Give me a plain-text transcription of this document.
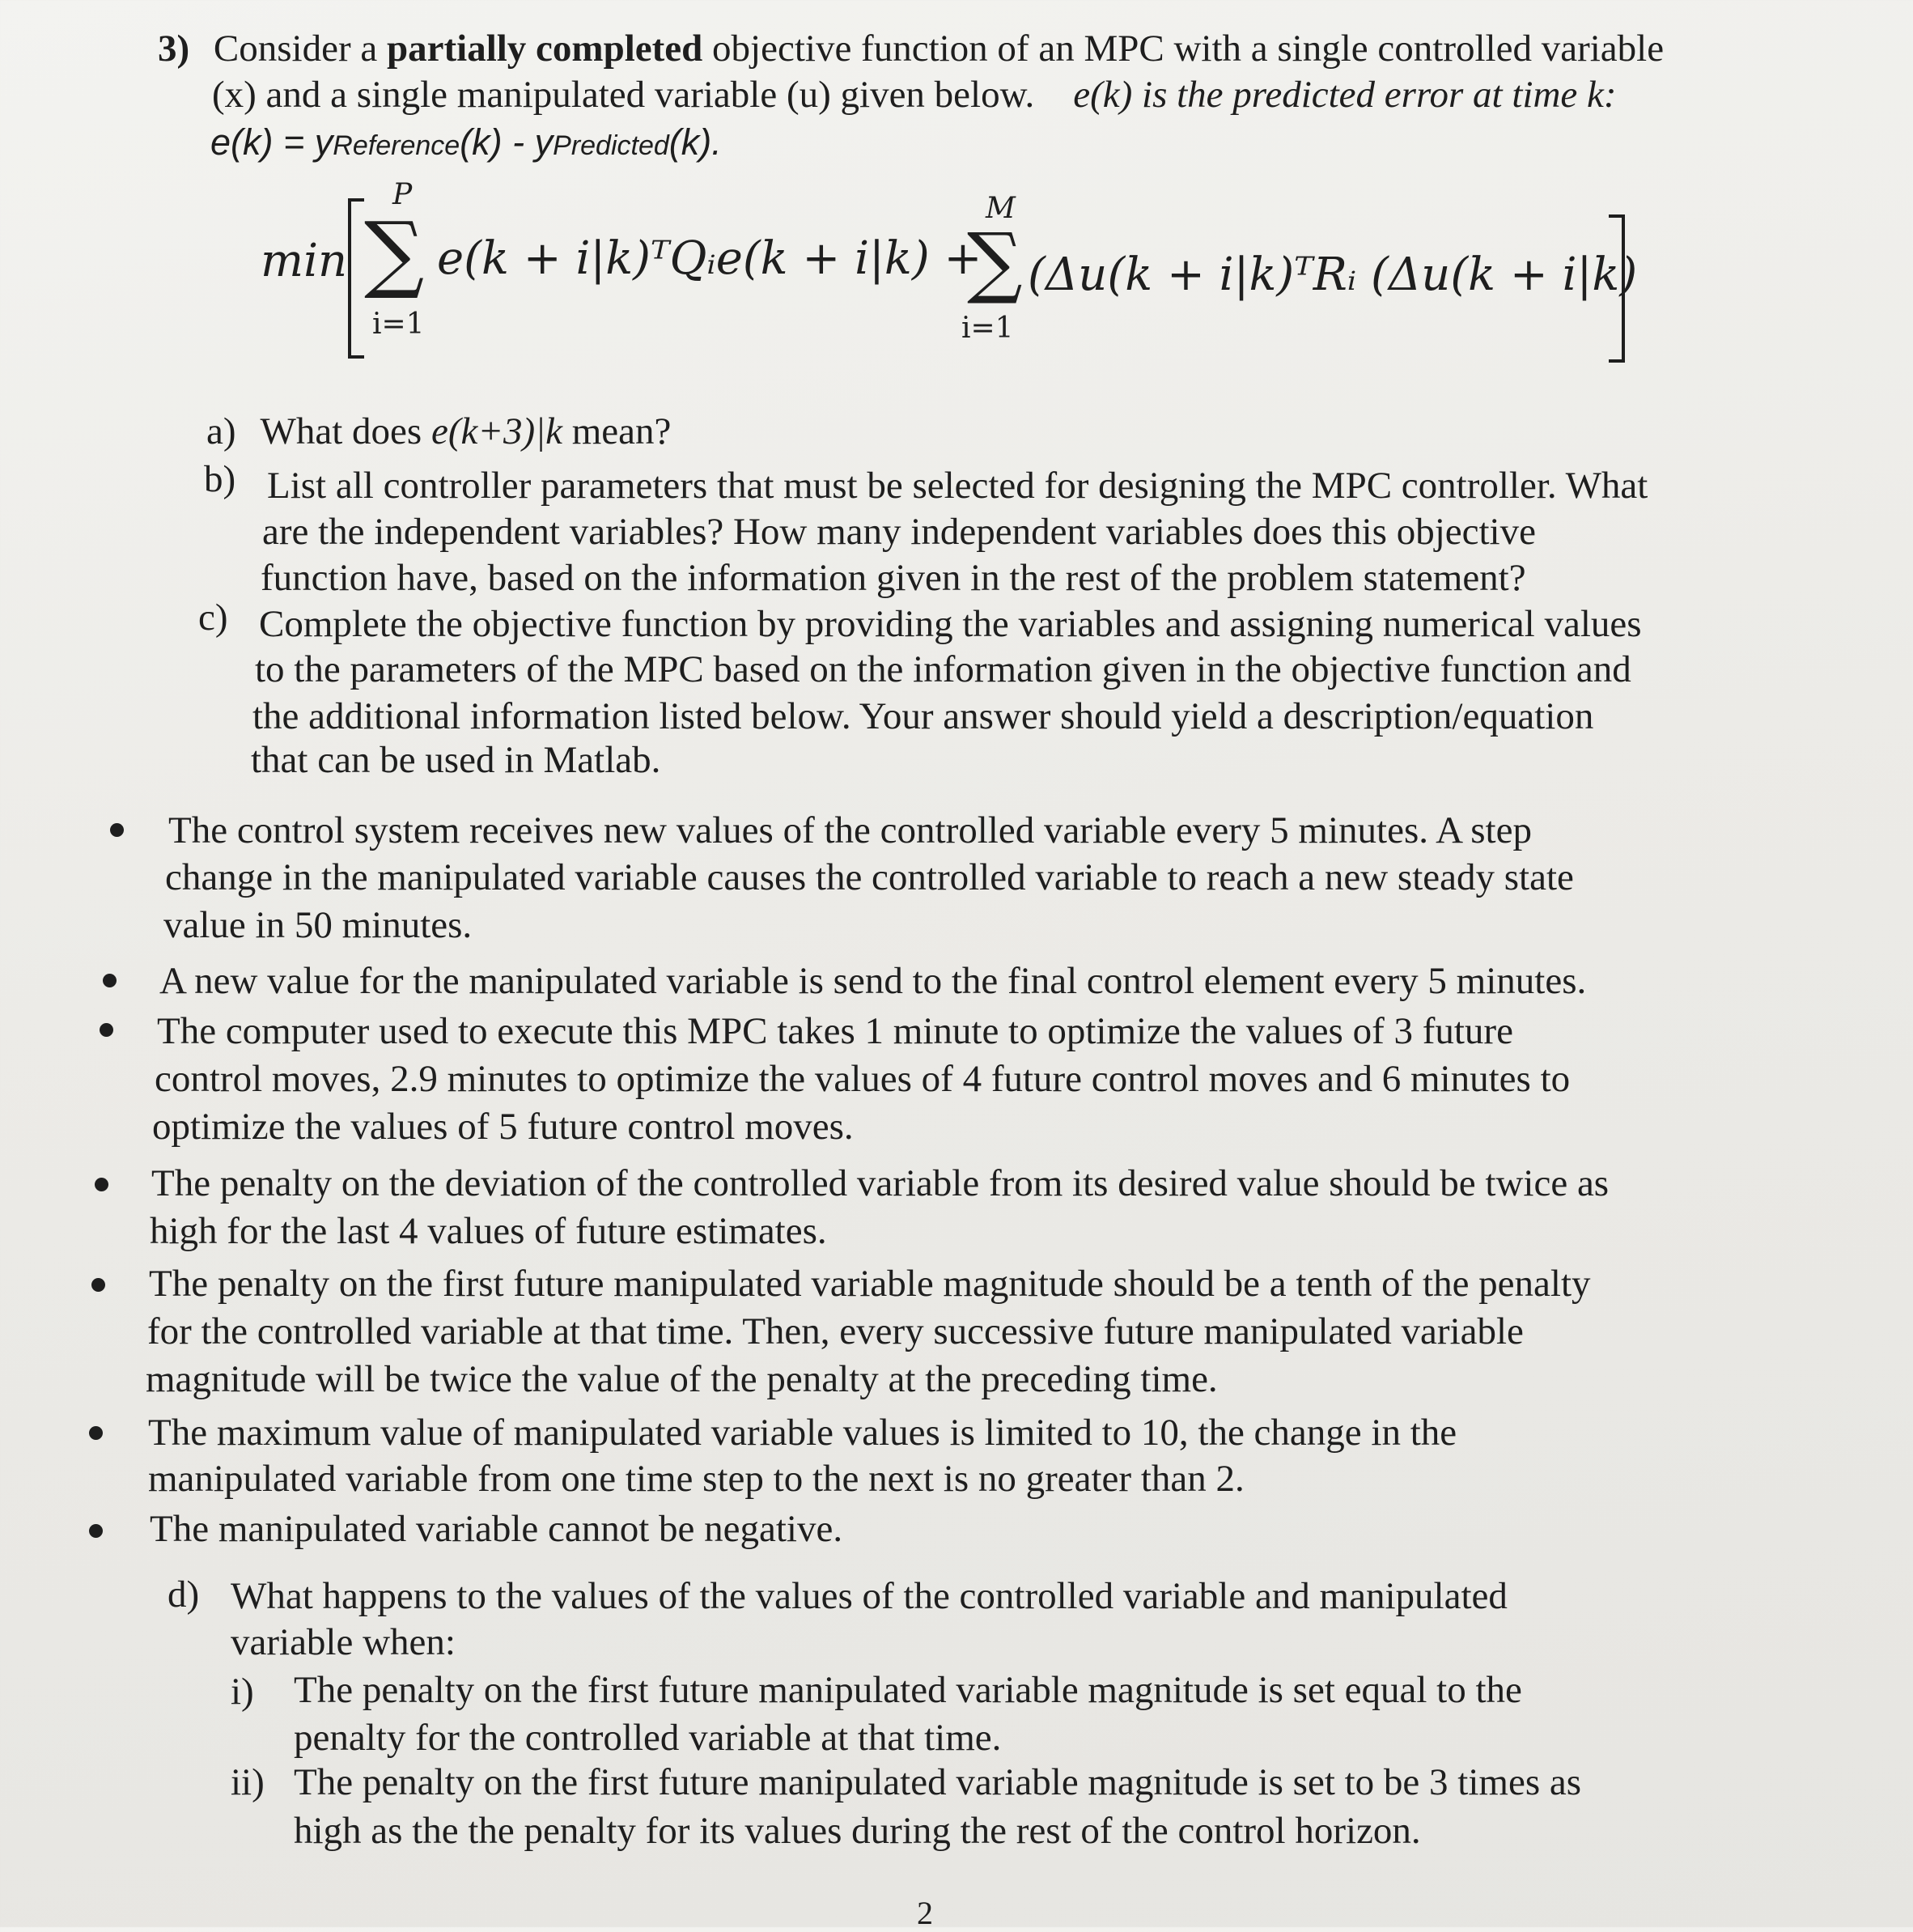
3) Consider a partially completed objective function of an MPC with a single controlled variable
(x) and a single manipulated variable (u) given below. e(k) is the predicted error at time k:
e(k) = yReference(k) - yPredicted(k).
min
P
∑
i=1
e(k + i|k)ᵀQᵢe(k + i|k) +
M
∑
i=1
(Δu(k + i|k)ᵀRᵢ (Δu(k + i|k)
a) What does e(k+3)|k mean?
b) List all controller parameters that must be selected for designing the MPC controller. What
are the independent variables? How many independent variables does this objective
function have, based on the information given in the rest of the problem statement?
c) Complete the objective function by providing the variables and assigning numerical values
to the parameters of the MPC based on the information given in the objective function and
the additional information listed below. Your answer should yield a description/equation
that can be used in Matlab.
The control system receives new values of the controlled variable every 5 minutes. A step
change in the manipulated variable causes the controlled variable to reach a new steady state
value in 50 minutes.
A new value for the manipulated variable is send to the final control element every 5 minutes.
The computer used to execute this MPC takes 1 minute to optimize the values of 3 future
control moves, 2.9 minutes to optimize the values of 4 future control moves and 6 minutes to
optimize the values of 5 future control moves.
The penalty on the deviation of the controlled variable from its desired value should be twice as
high for the last 4 values of future estimates.
The penalty on the first future manipulated variable magnitude should be a tenth of the penalty
for the controlled variable at that time. Then, every successive future manipulated variable
magnitude will be twice the value of the penalty at the preceding time.
The maximum value of manipulated variable values is limited to 10, the change in the
manipulated variable from one time step to the next is no greater than 2.
The manipulated variable cannot be negative.
d) What happens to the values of the values of the controlled variable and manipulated
variable when:
i) The penalty on the first future manipulated variable magnitude is set equal to the
penalty for the controlled variable at that time.
ii) The penalty on the first future manipulated variable magnitude is set to be 3 times as
high as the the penalty for its values during the rest of the control horizon.
2
